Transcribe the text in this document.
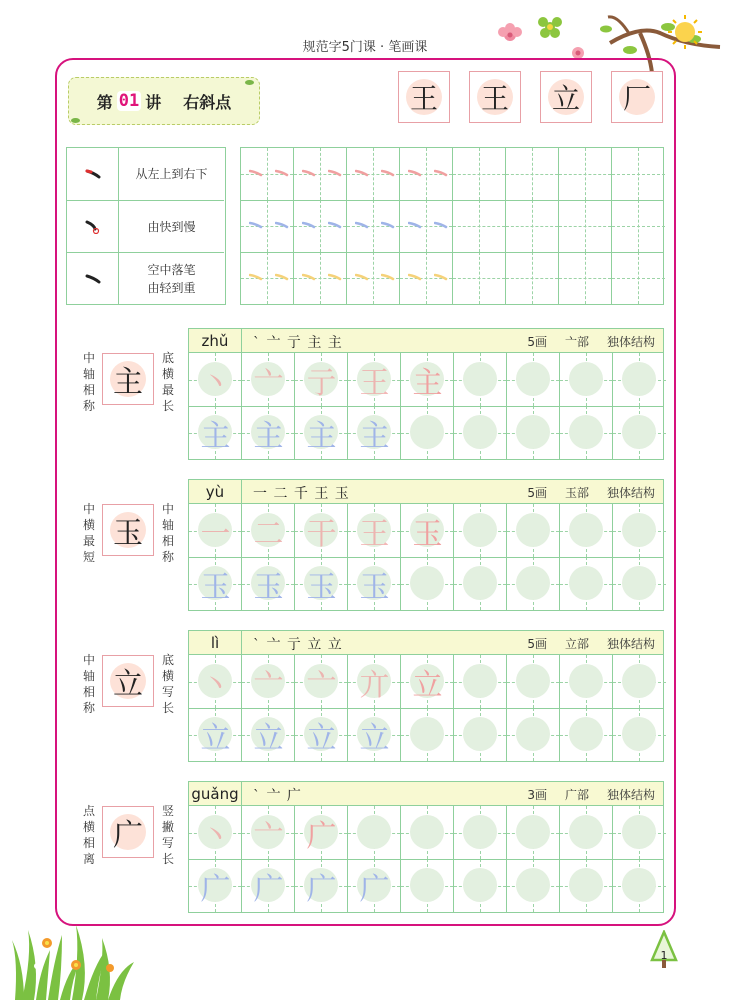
规范字5门课 · 笔画课
第 01 讲 右斜点	王 王 立 厂
从左上到右下
由快到慢
空中落笔
由轻到重
zhǔ	` 亠 亍 主 主	5画 亠部 独体结构
丶 亠 亍 王 主
主 主 主 主
主
中
轴
相
称
底
横
最
长
yù	一 二 千 王 玉	5画 玉部 独体结构
一 二 干 王 玉
玉 玉 玉 玉
玉
中
横
最
短
中
轴
相
称
lì	` 亠 亍 立 立	5画 立部 独体结构
丶 亠 亠 亣 立
立 立 立 立
立
中
轴
相
称
底
横
写
长
guǎng ` 亠 广	3画 广部 独体结构
丶 亠 广
广 广 广 广
广
点
横
相
离
竖
撇
写
长
1
